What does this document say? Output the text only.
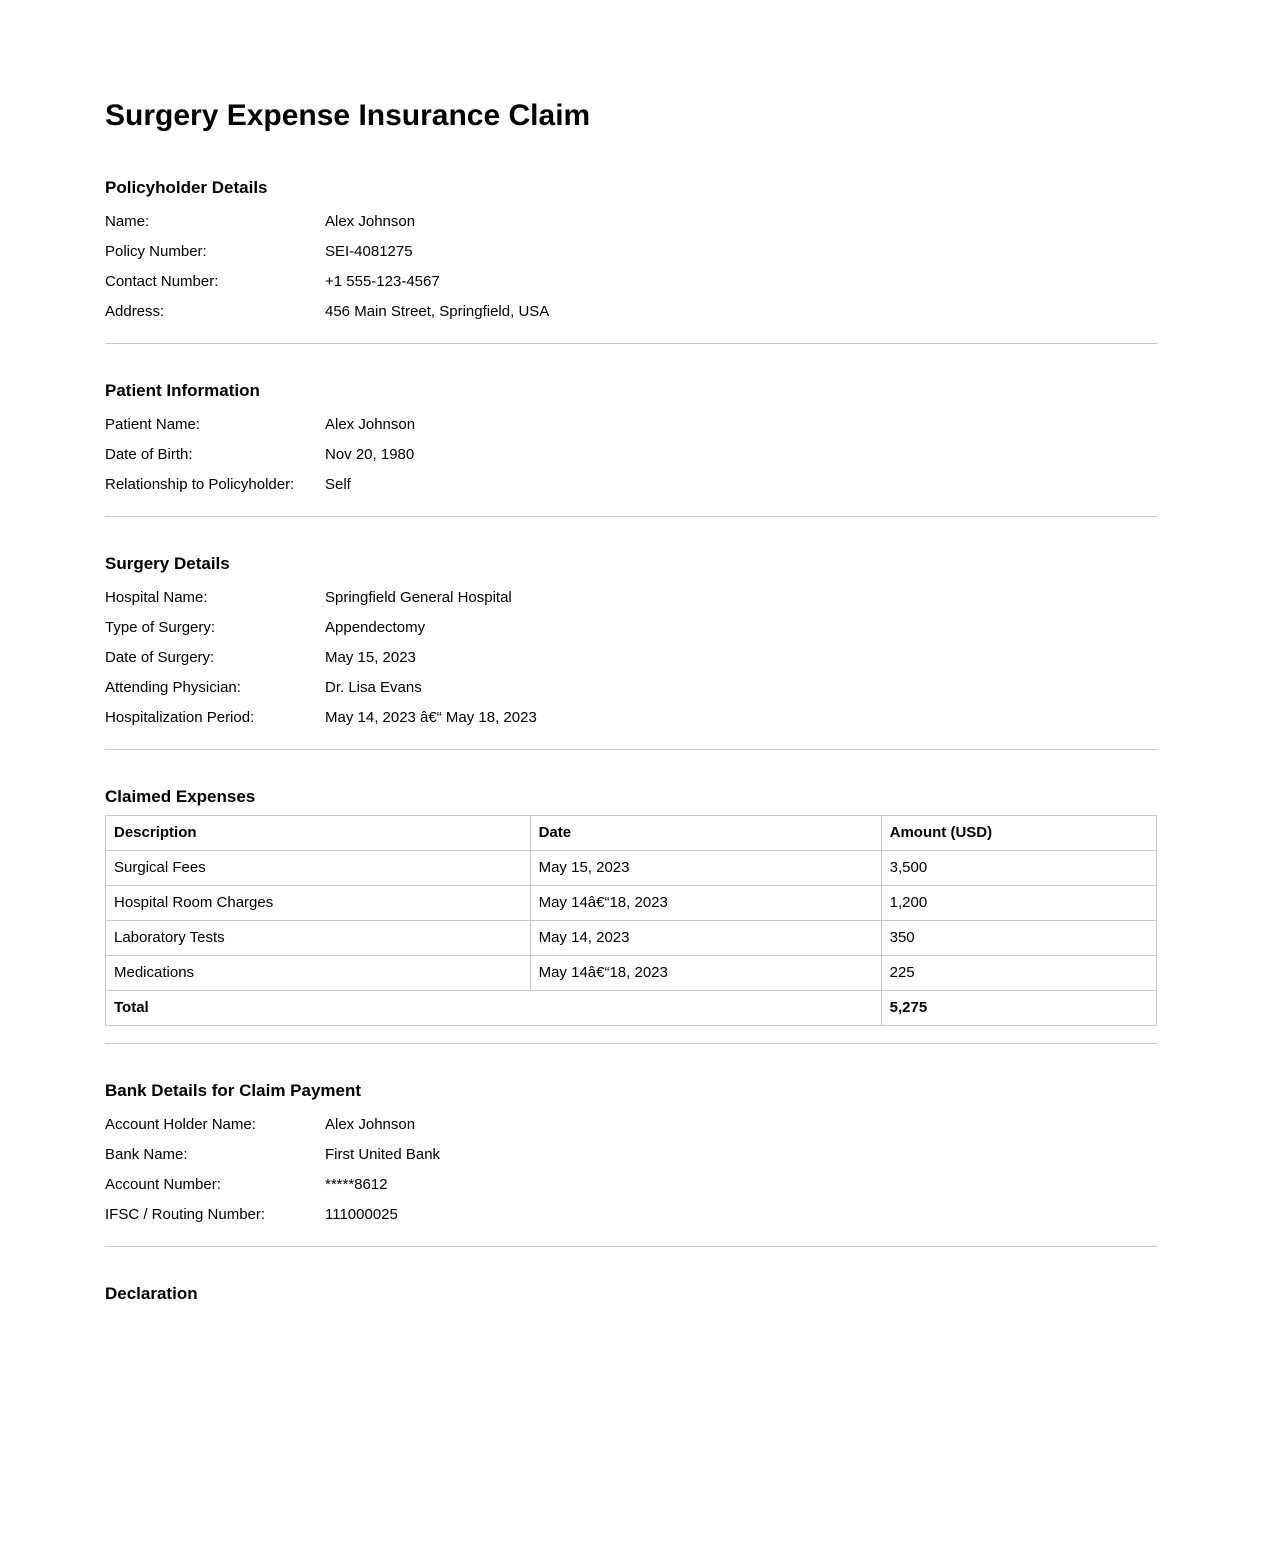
Surgery Expense Insurance Claim
Policyholder Details
Name:	Alex Johnson
Policy Number:	SEI-4081275
Contact Number:	+1 555-123-4567
Address:	456 Main Street, Springfield, USA
Patient Information
Patient Name:	Alex Johnson
Date of Birth:	Nov 20, 1980
Relationship to Policyholder:	Self
Surgery Details
Hospital Name:	Springfield General Hospital
Type of Surgery:	Appendectomy
Date of Surgery:	May 15, 2023
Attending Physician:	Dr. Lisa Evans
Hospitalization Period:	May 14, 2023 â€“ May 18, 2023
Claimed Expenses
Description	Date	Amount (USD)
Surgical Fees	May 15, 2023	3,500
Hospital Room Charges	May 14â€“18, 2023	1,200
Laboratory Tests	May 14, 2023	350
Medications	May 14â€“18, 2023	225
Total		5,275
Bank Details for Claim Payment
Account Holder Name:	Alex Johnson
Bank Name:	First United Bank
Account Number:	*****8612
IFSC / Routing Number:	111000025
Declaration
